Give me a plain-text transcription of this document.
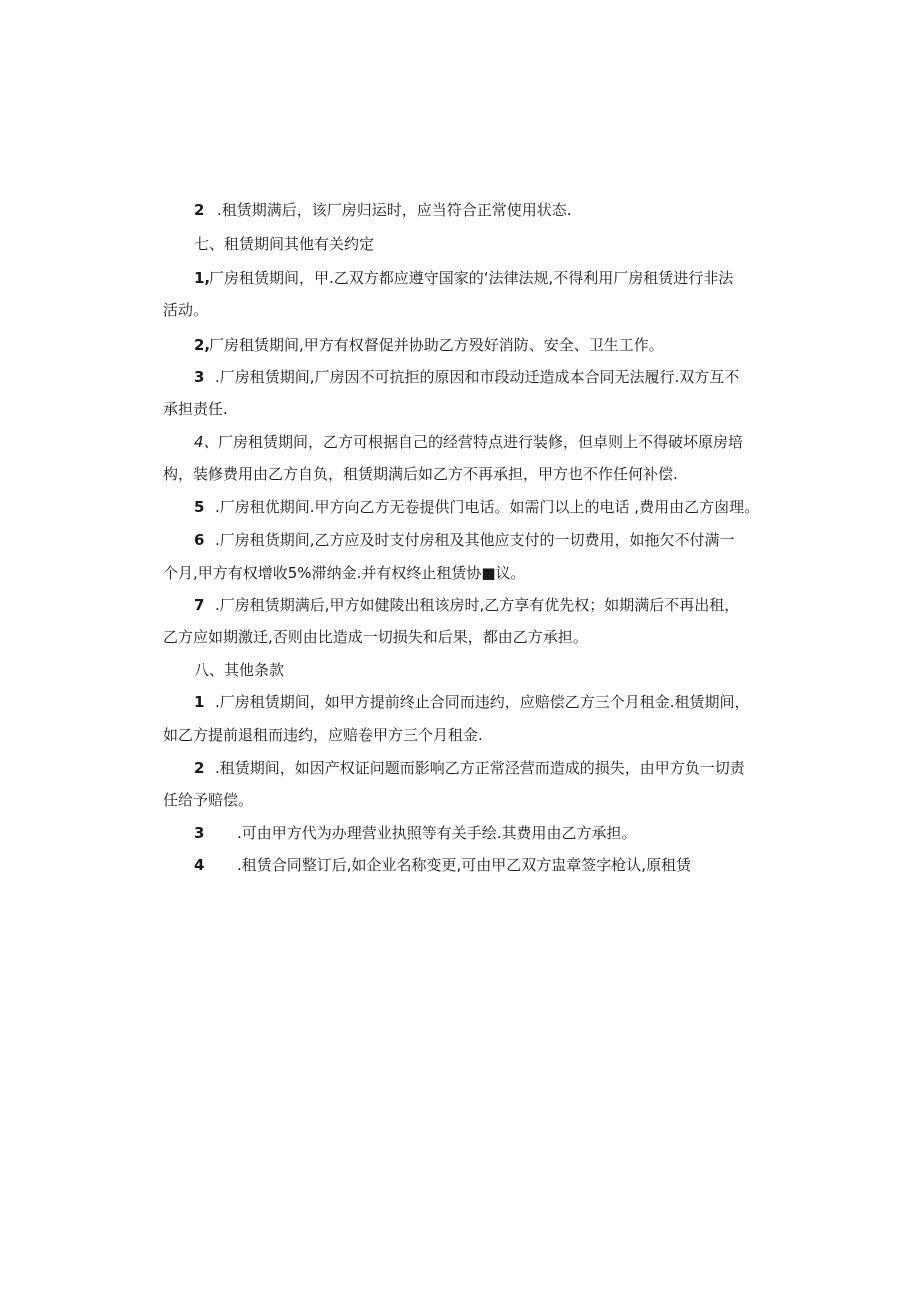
2 .租赁期满后，该厂房归运时，应当符合正常使用状态.
七、租赁期间其他有关约定
1,
厂房租赁期间，甲.乙双方都应遵守国家的‘法律法规,不得利用厂房租赁进行非法
活动。
2,
厂房租赁期间,甲方有权督促并协助乙方殁好消防、安全、卫生工作。
3 .厂房租赁期间,厂房因不可抗拒的原因和市段动迁造成本合同无法履行.双方互不
承担责任.
4、 厂房租赁期间，乙方可根据自己的经营特点进行装修，但卓则上不得破坏原房培
构，装修费用由乙方自负，租赁期满后如乙方不再承担，甲方也不作任何补偿.
5 .厂房租优期间.甲方向乙方无卷提供门电话。如需门以上的电话 ,费用由乙方囱理。
6 .厂房租货期间,乙方应及时支付房租及其他应支付的一切费用，如拖欠不付满一
个月,甲方有权增收5%滞纳金.并有权终止租赁协■议。
7 .厂房租赁期满后,甲方如健陵出租该房时,乙方享有优先权；如期满后不再出租，
乙方应如期激迁,否则由比造成一切损失和后果，都由乙方承担。
八、其他条款
1 .厂房租赁期间，如甲方提前终止合同而违约，应赔偿乙方三个月租金.租赁期间，
如乙方提前退租而违约，应赔卷甲方三个月租金.
2 .租赁期间，如因产权证问题而影响乙方正常泾营而造成的损失，由甲方负一切责
任给予赔偿。
3 .可由甲方代为办理营业执照等有关手绘.其费用由乙方承担。
4 .租赁合同整订后,如企业名称变更,可由甲乙双方盅章签字枪认,原租赁
